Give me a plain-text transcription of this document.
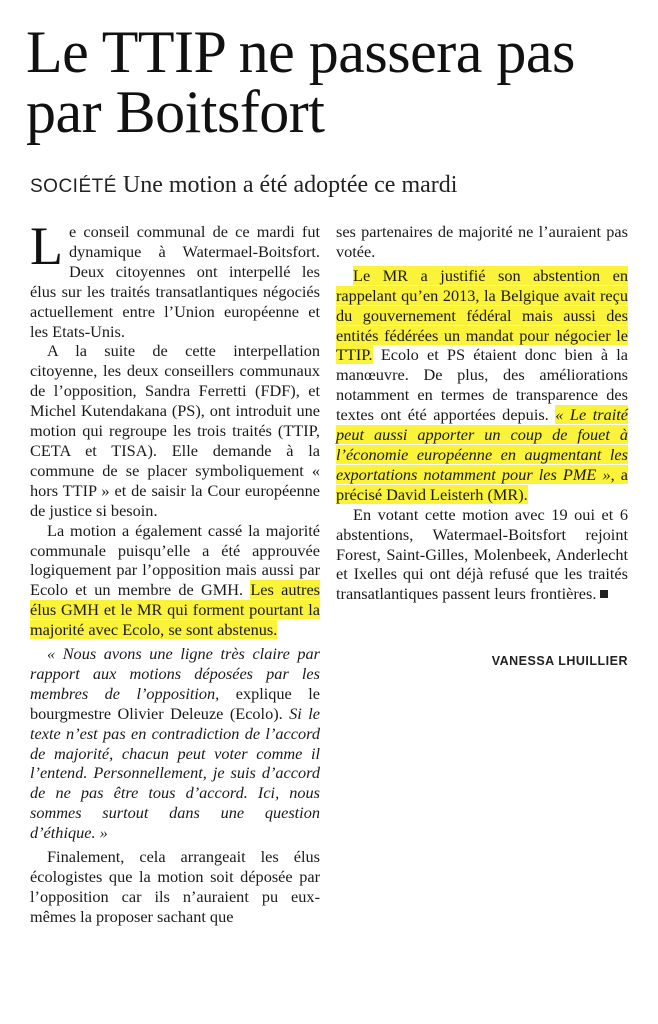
Le TTIP ne passera pas par Boitsfort
SOCIÉTÉ Une motion a été adoptée ce mardi

Le conseil communal de ce mardi fut dynamique à Watermael-Boitsfort. Deux citoyennes ont interpellé les élus sur les traités transatlantiques négociés actuellement entre l’Union européenne et les Etats-Unis.

A la suite de cette interpellation citoyenne, les deux conseillers communaux de l’opposition, Sandra Ferretti (FDF), et Michel Kutendakana (PS), ont introduit une motion qui regroupe les trois traités (TTIP, CETA et TISA). Elle demande à la commune de se placer symboliquement « hors TTIP » et de saisir la Cour européenne de justice si besoin.

La motion a également cassé la majorité communale puisqu’elle a été approuvée logiquement par l’opposition mais aussi par Ecolo et un membre de GMH. Les autres élus GMH et le MR qui forment pourtant la majorité avec Ecolo, se sont abstenus.

« Nous avons une ligne très claire par rapport aux motions déposées par les membres de l’opposition, explique le bourgmestre Olivier Deleuze (Ecolo). Si le texte n’est pas en contradiction de l’accord de majorité, chacun peut voter comme il l’entend. Personnellement, je suis d’accord de ne pas être tous d’accord. Ici, nous sommes surtout dans une question d’éthique. »

Finalement, cela arrangeait les élus écologistes que la motion soit déposée par l’opposition car ils n’auraient pu eux-mêmes la proposer sachant que

ses partenaires de majorité ne l’auraient pas votée.

Le MR a justifié son abstention en rappelant qu’en 2013, la Belgique avait reçu du gouvernement fédéral mais aussi des entités fédérées un mandat pour négocier le TTIP. Ecolo et PS étaient donc bien à la manœuvre. De plus, des améliorations notamment en termes de transparence des textes ont été apportées depuis. « Le traité peut aussi apporter un coup de fouet à l’économie européenne en augmentant les exportations notamment pour les PME », a précisé David Leisterh (MR).

En votant cette motion avec 19 oui et 6 abstentions, Watermael-Boitsfort rejoint Forest, Saint-Gilles, Molenbeek, Anderlecht et Ixelles qui ont déjà refusé que les traités transatlantiques passent leurs frontières.

VANESSA LHUILLIER
